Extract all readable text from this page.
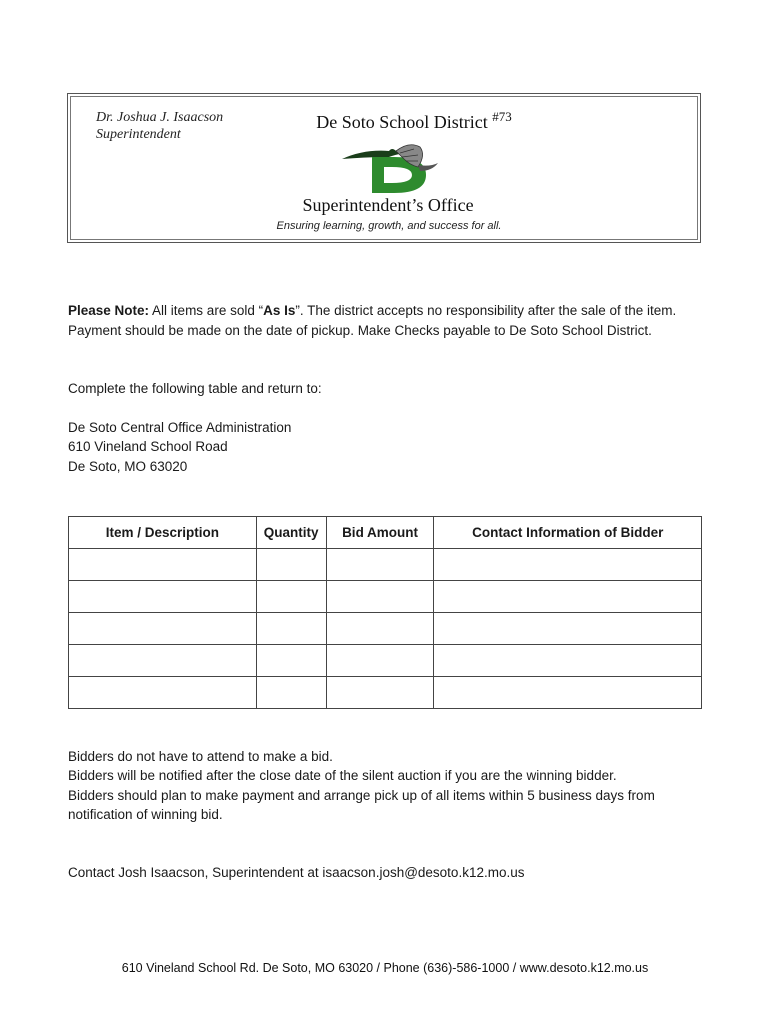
Dr. Joshua J. Isaacson
Superintendent
De Soto School District $^{\#73}$
Superintendent’s Office
Ensuring learning, growth, and success for all.
Please Note: All items are sold “As Is”. The district accepts no responsibility after the sale of the item.
Payment should be made on the date of pickup. Make Checks payable to De Soto School District.
Complete the following table and return to:
De Soto Central Office Administration
610 Vineland School Road
De Soto, MO 63020
Item / Description	Quantity	Bid Amount	Contact Information of Bidder

Bidders do not have to attend to make a bid.
Bidders will be notified after the close date of the silent auction if you are the winning bidder.
Bidders should plan to make payment and arrange pick up of all items within 5 business days from
notification of winning bid.
Contact Josh Isaacson, Superintendent at isaacson.josh@desoto.k12.mo.us
610 Vineland School Rd. De Soto, MO 63020 / Phone (636)-586-1000 / www.desoto.k12.mo.us
